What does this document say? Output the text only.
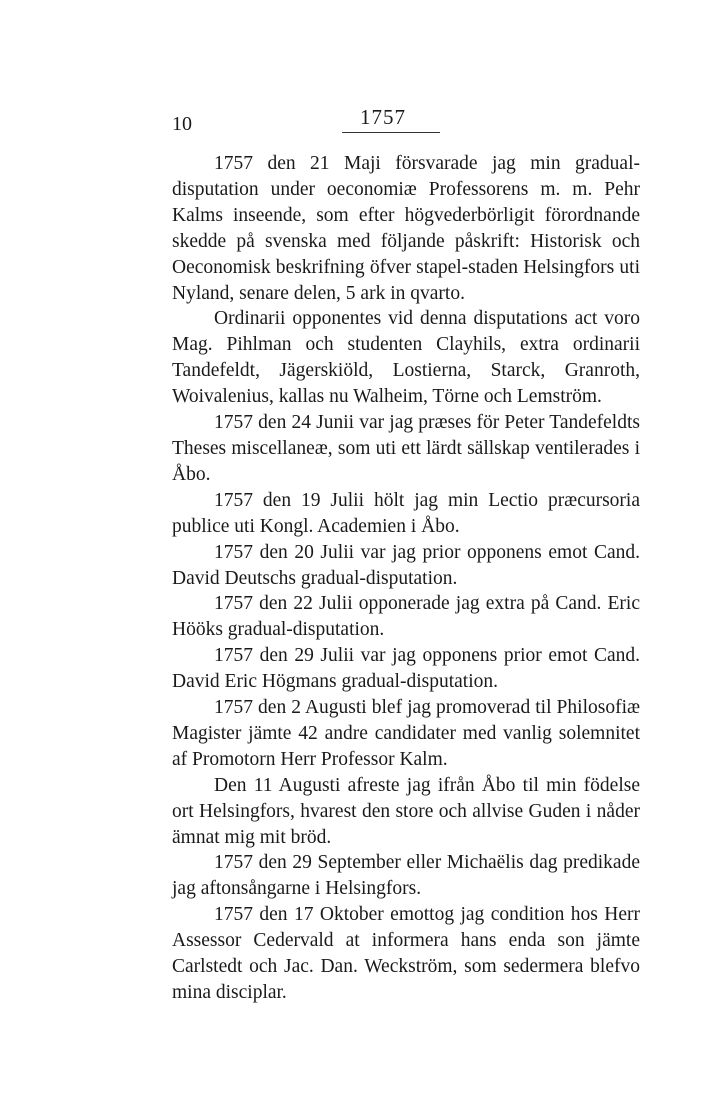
10	1757

1757 den 21 Maji försvarade jag min gradual-disputation under oeconomiæ Professorens m. m. Pehr Kalms inseende, som efter högvederbörligit förordnande skedde på svenska med följande påskrift: Historisk och Oeconomisk beskrifning öfver stapel-staden Helsingfors uti Nyland, senare delen, 5 ark in qvarto.

Ordinarii opponentes vid denna disputations act voro Mag. Pihlman och studenten Clayhils, extra ordinarii Tandefeldt, Jägerskiöld, Lostierna, Starck, Granroth, Woivalenius, kallas nu Walheim, Törne och Lemström.

1757 den 24 Junii var jag præses för Peter Tandefeldts Theses miscellaneæ, som uti ett lärdt sällskap ventilerades i Åbo.

1757 den 19 Julii hölt jag min Lectio præcursoria publice uti Kongl. Academien i Åbo.

1757 den 20 Julii var jag prior opponens emot Cand. David Deutschs gradual-disputation.

1757 den 22 Julii opponerade jag extra på Cand. Eric Hööks gradual-disputation.

1757 den 29 Julii var jag opponens prior emot Cand. David Eric Högmans gradual-disputation.

1757 den 2 Augusti blef jag promoverad til Philosofiæ Magister jämte 42 andre candidater med vanlig solemnitet af Promotorn Herr Professor Kalm.

Den 11 Augusti afreste jag ifrån Åbo til min födelse ort Helsingfors, hvarest den store och allvise Guden i nåder ämnat mig mit bröd.

1757 den 29 September eller Michaëlis dag predikade jag aftonsångarne i Helsingfors.

1757 den 17 Oktober emottog jag condition hos Herr Assessor Cedervald at informera hans enda son jämte Carlstedt och Jac. Dan. Weckström, som sedermera blefvo mina disciplar.
